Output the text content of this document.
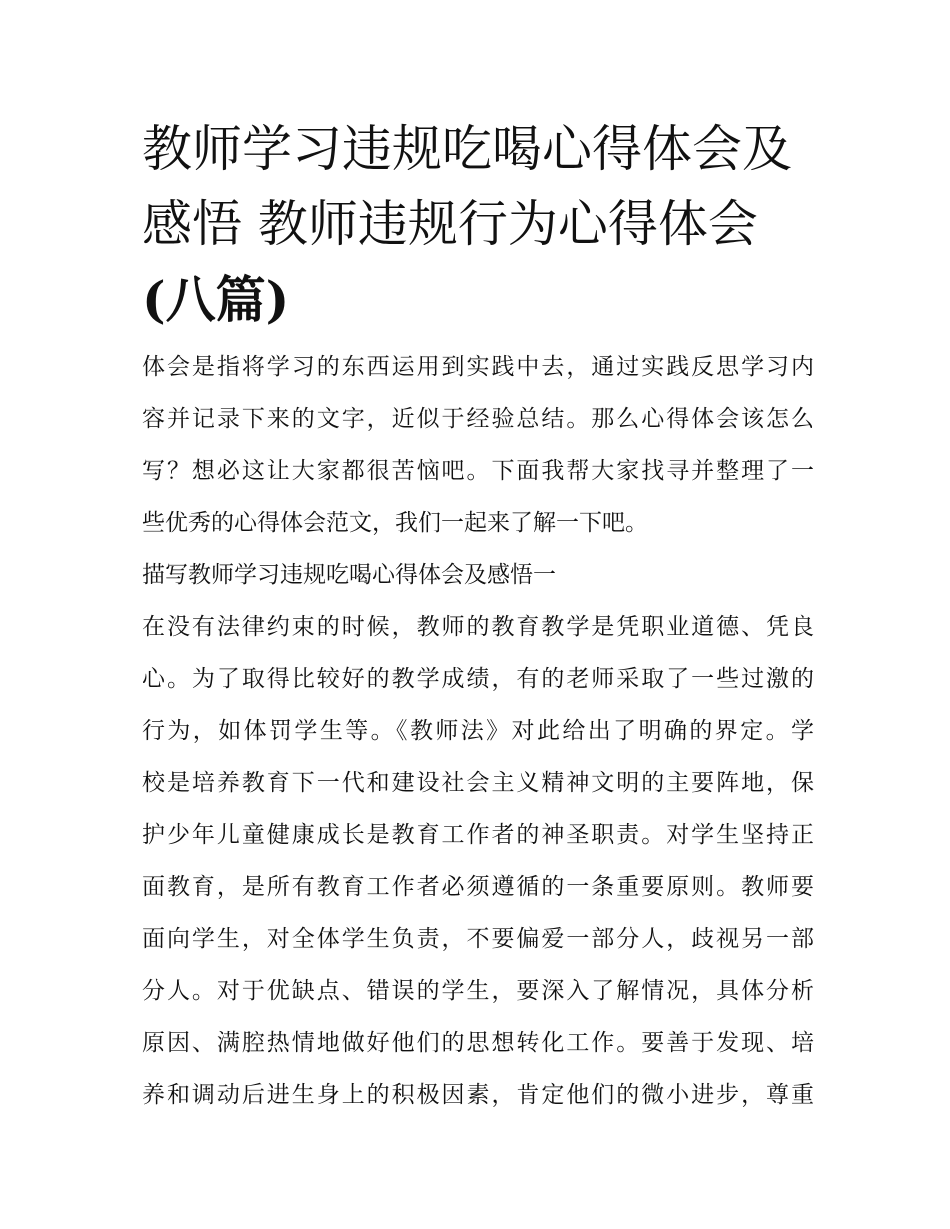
教师学习违规吃喝心得体会及
感悟 教师违规行为心得体会
(八篇)
体会是指将学习的东西运用到实践中去，通过实践反思学习内
容并记录下来的文字，近似于经验总结。那么心得体会该怎么
写？想必这让大家都很苦恼吧。下面我帮大家找寻并整理了一
些优秀的心得体会范文，我们一起来了解一下吧。
描写教师学习违规吃喝心得体会及感悟一
在没有法律约束的时候，教师的教育教学是凭职业道德、凭良
心。为了取得比较好的教学成绩，有的老师采取了一些过激的
行为，如体罚学生等。《教师法》对此给出了明确的界定。学
校是培养教育下一代和建设社会主义精神文明的主要阵地，保
护少年儿童健康成长是教育工作者的神圣职责。对学生坚持正
面教育，是所有教育工作者必须遵循的一条重要原则。教师要
面向学生，对全体学生负责，不要偏爱一部分人，歧视另一部
分人。对于优缺点、错误的学生，要深入了解情况，具体分析
原因、满腔热情地做好他们的思想转化工作。要善于发现、培
养和调动后进生身上的积极因素，肯定他们的微小进步，尊重
